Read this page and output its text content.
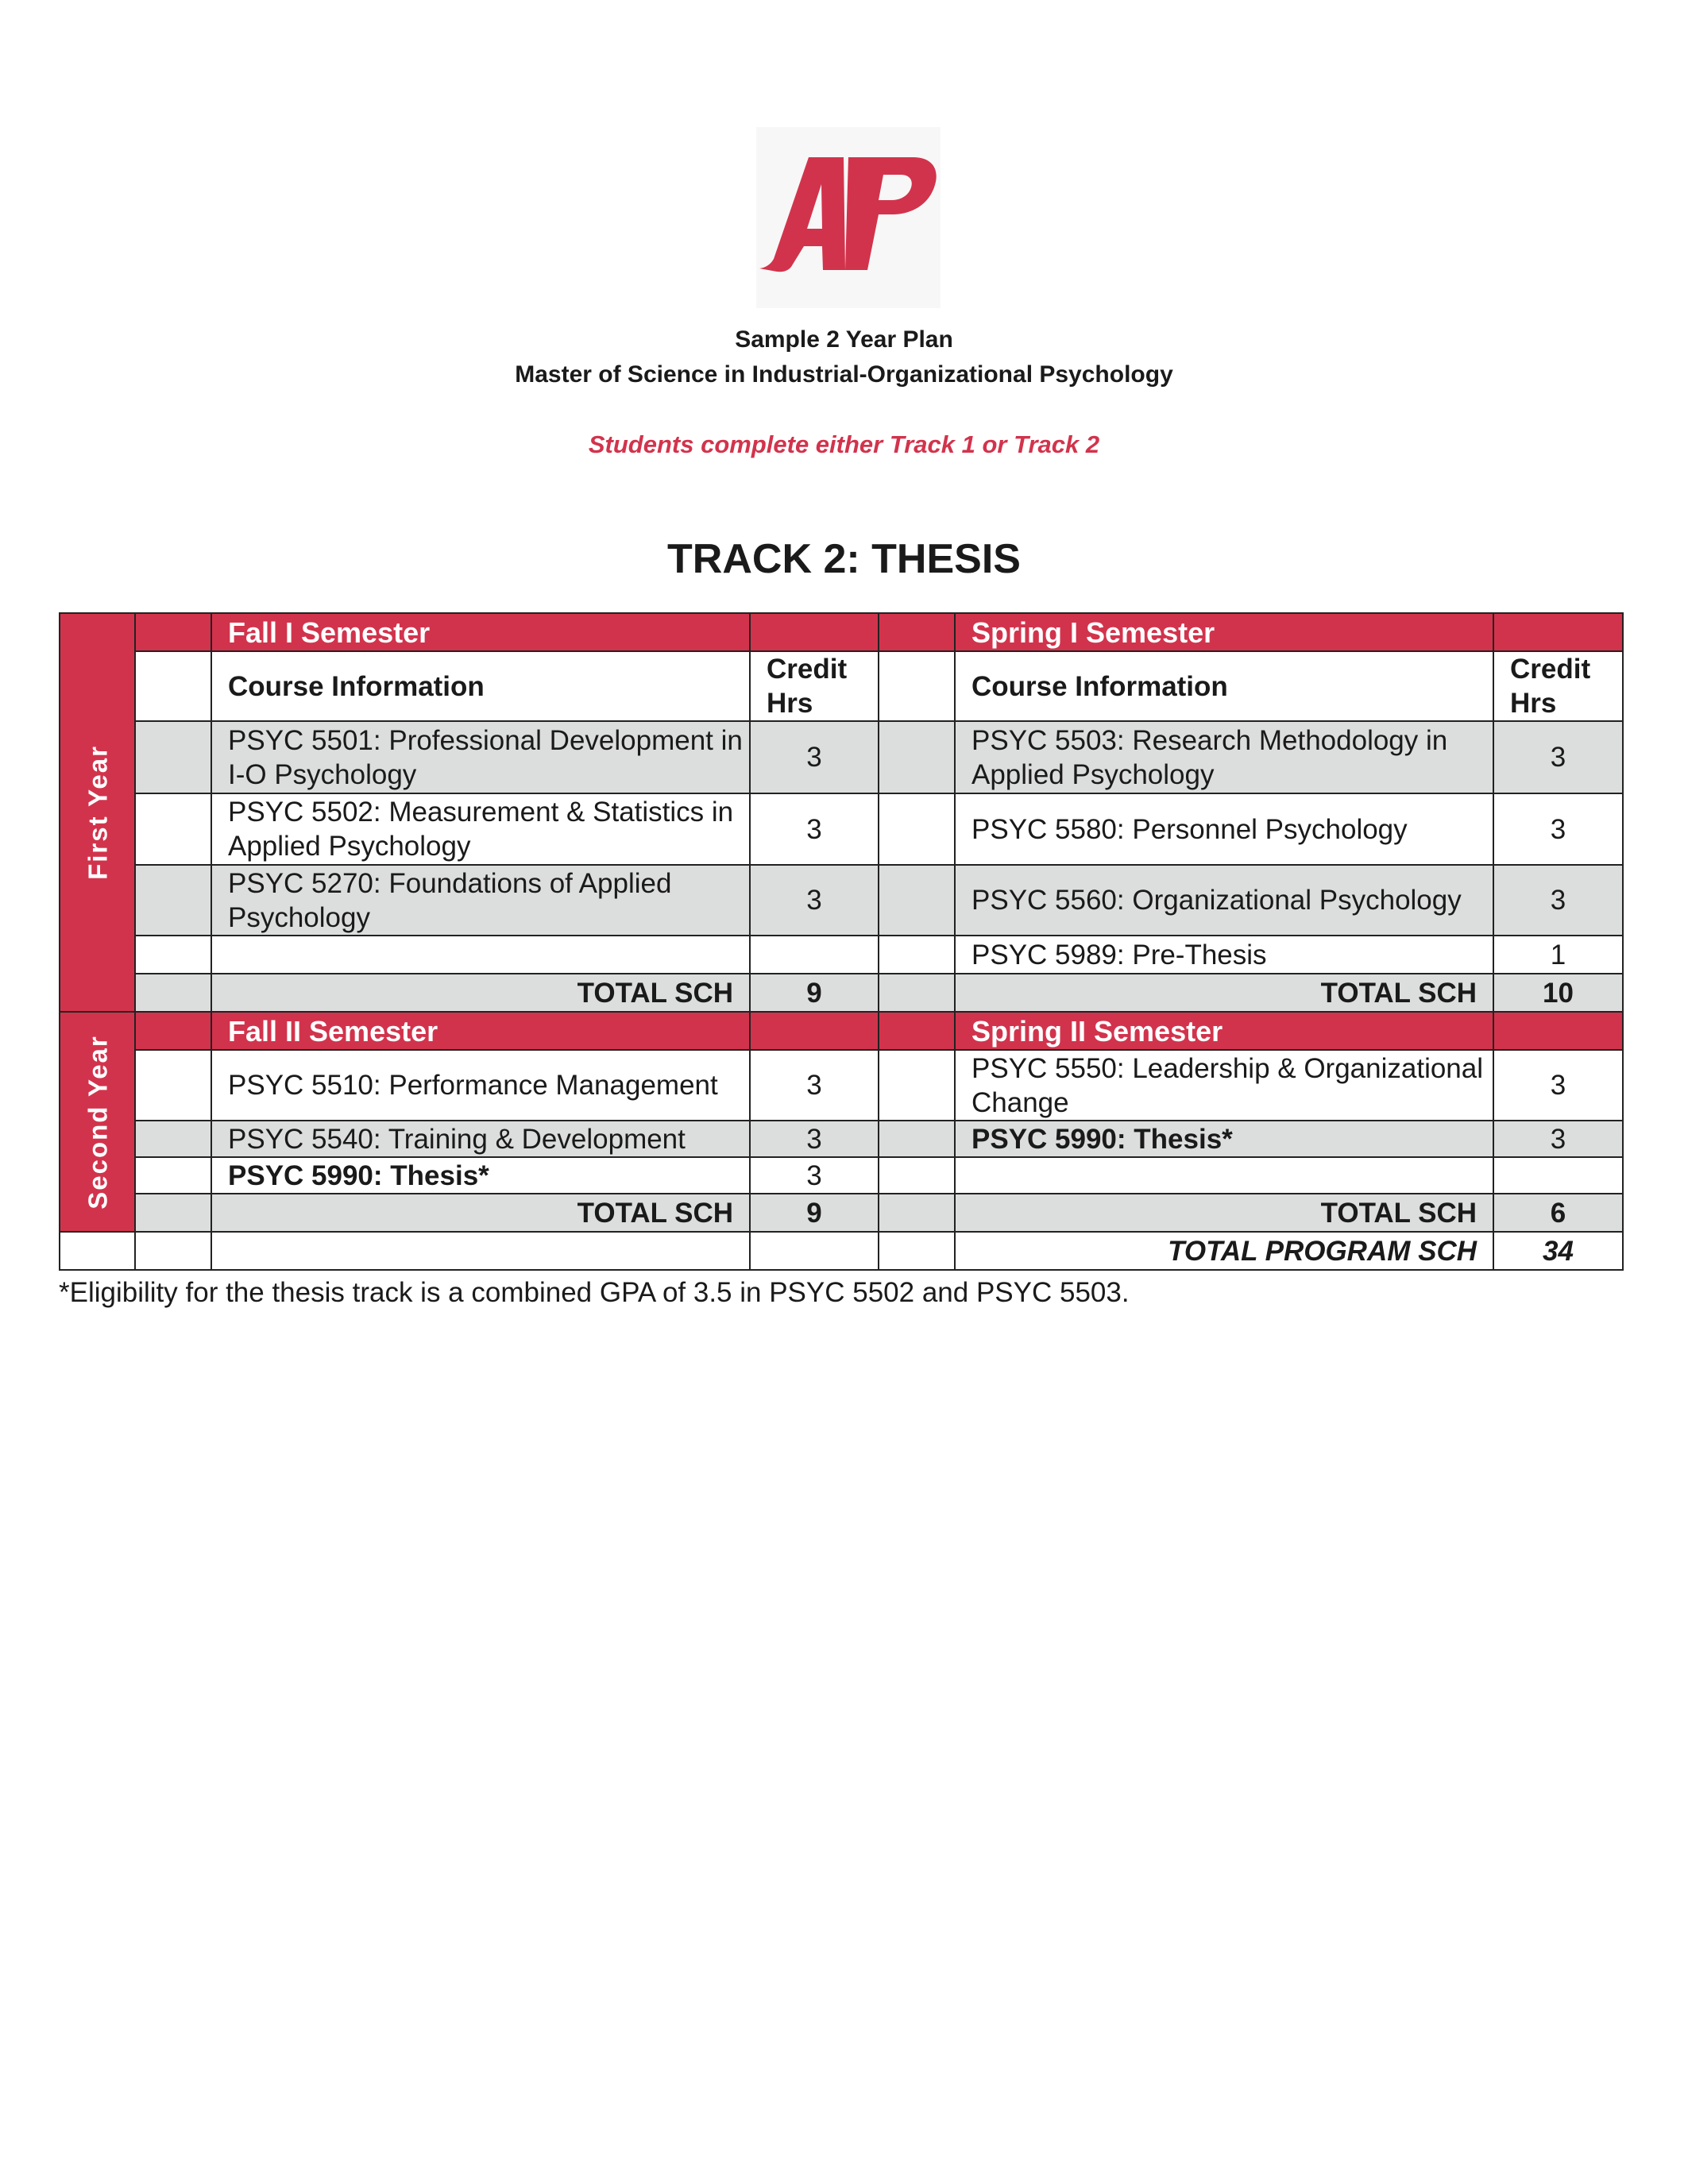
Sample 2 Year Plan
Master of Science in Industrial-Organizational Psychology
Students complete either Track 1 or Track 2
TRACK 2: THESIS
First Year		Fall I Semester			Spring I Semester	
		Course Information	Credit Hrs		Course Information	Credit Hrs
		PSYC 5501: Professional Development in I-O Psychology	3		PSYC 5503: Research Methodology in Applied Psychology	3
		PSYC 5502: Measurement & Statistics in Applied Psychology	3		PSYC 5580: Personnel Psychology	3
		PSYC 5270: Foundations of Applied Psychology	3		PSYC 5560: Organizational Psychology	3
					PSYC 5989: Pre-Thesis	1
		TOTAL SCH	9		TOTAL SCH	10

Second Year		Fall II Semester			Spring II Semester	
		PSYC 5510: Performance Management	3		PSYC 5550: Leadership & Organizational Change	3
		PSYC 5540: Training & Development	3		PSYC 5990: Thesis*	3
		PSYC 5990: Thesis*	3			
		TOTAL SCH	9		TOTAL SCH	6
					TOTAL PROGRAM SCH	34
*Eligibility for the thesis track is a combined GPA of 3.5 in PSYC 5502 and PSYC 5503.
